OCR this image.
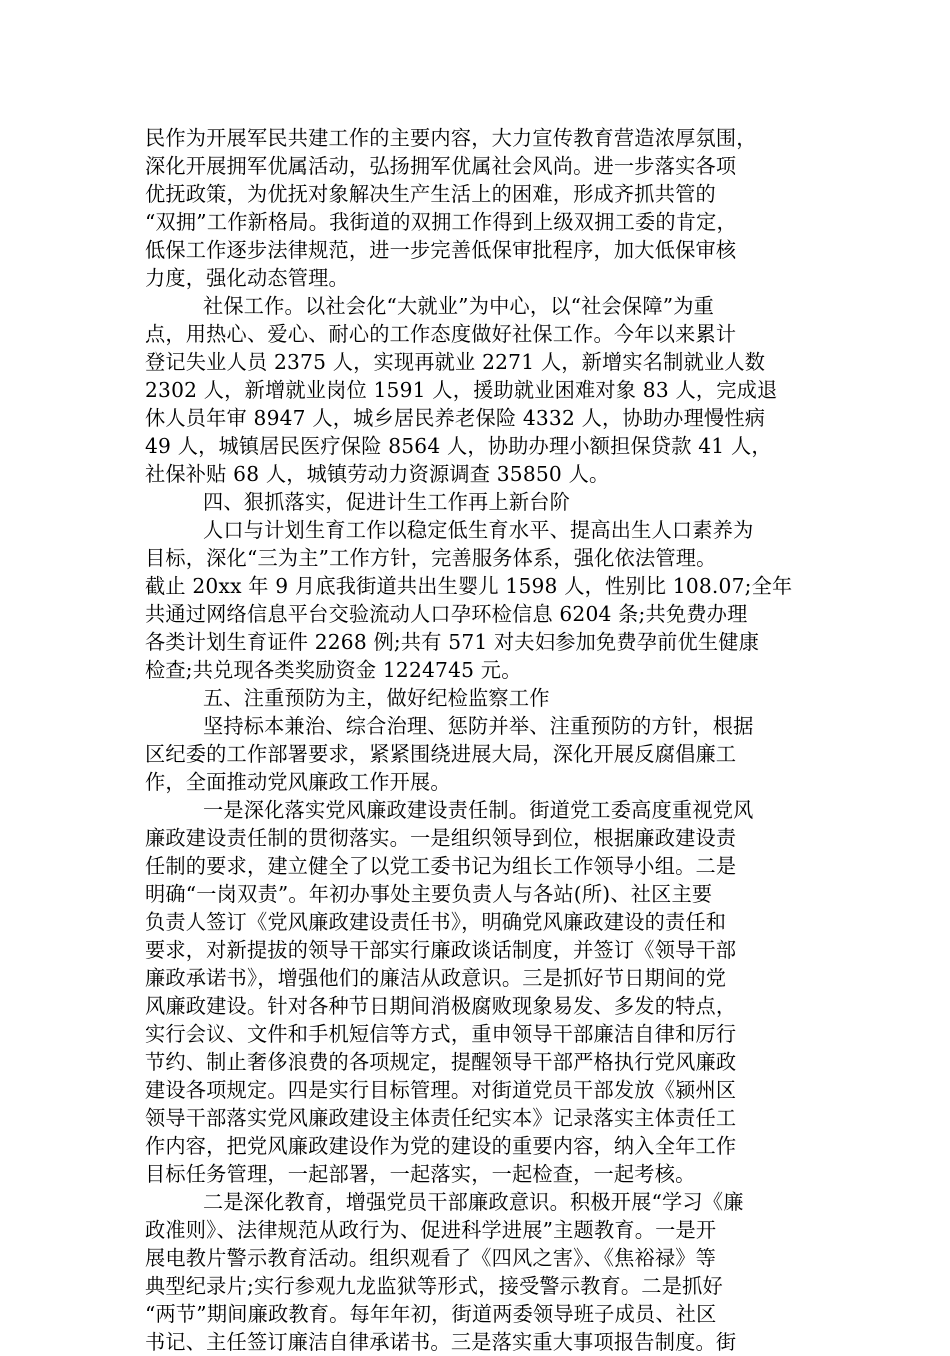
民作为开展军民共建工作的主要内容，大力宣传教育营造浓厚氛围，
深化开展拥军优属活动，弘扬拥军优属社会风尚。进一步落实各项
优抚政策，为优抚对象解决生产生活上的困难，形成齐抓共管的
“双拥”工作新格局。我街道的双拥工作得到上级双拥工委的肯定，
低保工作逐步法律规范，进一步完善低保审批程序，加大低保审核
力度，强化动态管理。
社保工作。以社会化“大就业”为中心，以“社会保障”为重
点，用热心、爱心、耐心的工作态度做好社保工作。今年以来累计
登记失业人员 2375 人，实现再就业 2271 人，新增实名制就业人数
2302 人，新增就业岗位 1591 人，援助就业困难对象 83 人，完成退
休人员年审 8947 人，城乡居民养老保险 4332 人，协助办理慢性病
49 人，城镇居民医疗保险 8564 人，协助办理小额担保贷款 41 人，
社保补贴 68 人，城镇劳动力资源调查 35850 人。
四、狠抓落实，促进计生工作再上新台阶
人口与计划生育工作以稳定低生育水平、提高出生人口素养为
目标，深化“三为主”工作方针，完善服务体系，强化依法管理。
截止 20xx 年 9 月底我街道共出生婴儿 1598 人，性别比 108.07;全年
共通过网络信息平台交验流动人口孕环检信息 6204 条;共免费办理
各类计划生育证件 2268 例;共有 571 对夫妇参加免费孕前优生健康
检查;共兑现各类奖励资金 1224745 元。
五、注重预防为主，做好纪检监察工作
坚持标本兼治、综合治理、惩防并举、注重预防的方针，根据
区纪委的工作部署要求，紧紧围绕进展大局，深化开展反腐倡廉工
作，全面推动党风廉政工作开展。
一是深化落实党风廉政建设责任制。街道党工委高度重视党风
廉政建设责任制的贯彻落实。一是组织领导到位，根据廉政建设责
任制的要求，建立健全了以党工委书记为组长工作领导小组。二是
明确“一岗双责”。年初办事处主要负责人与各站(所)、社区主要
负责人签订《党风廉政建设责任书》，明确党风廉政建设的责任和
要求，对新提拔的领导干部实行廉政谈话制度，并签订《领导干部
廉政承诺书》，增强他们的廉洁从政意识。三是抓好节日期间的党
风廉政建设。针对各种节日期间消极腐败现象易发、多发的特点，
实行会议、文件和手机短信等方式，重申领导干部廉洁自律和厉行
节约、制止奢侈浪费的各项规定，提醒领导干部严格执行党风廉政
建设各项规定。四是实行目标管理。对街道党员干部发放《颍州区
领导干部落实党风廉政建设主体责任纪实本》记录落实主体责任工
作内容，把党风廉政建设作为党的建设的重要内容，纳入全年工作
目标任务管理，一起部署，一起落实，一起检查，一起考核。
二是深化教育，增强党员干部廉政意识。积极开展“学习《廉
政准则》、法律规范从政行为、促进科学进展”主题教育。一是开
展电教片警示教育活动。组织观看了《四风之害》、《焦裕禄》等
典型纪录片;实行参观九龙监狱等形式，接受警示教育。二是抓好
“两节”期间廉政教育。每年年初，街道两委领导班子成员、社区
书记、主任签订廉洁自律承诺书。三是落实重大事项报告制度。街
